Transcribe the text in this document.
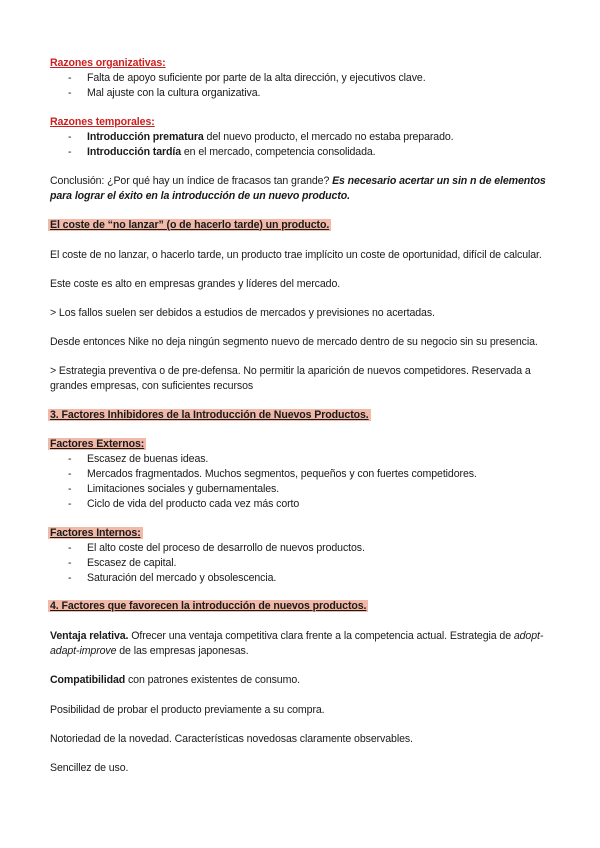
Razones organizativas:
- Falta de apoyo suficiente por parte de la alta dirección, y ejecutivos clave.
- Mal ajuste con la cultura organizativa.
Razones temporales:
- Introducción prematura del nuevo producto, el mercado no estaba preparado.
- Introducción tardía en el mercado, competencia consolidada.

Conclusión: ¿Por qué hay un índice de fracasos tan grande? Es necesario acertar un sin n de elementos para lograr el éxito en la introducción de un nuevo producto.

El coste de “no lanzar” (o de hacerlo tarde) un producto.

El coste de no lanzar, o hacerlo tarde, un producto trae implícito un coste de oportunidad, difícil de calcular.

Este coste es alto en empresas grandes y líderes del mercado.

> Los fallos suelen ser debidos a estudios de mercados y previsiones no acertadas.

Desde entonces Nike no deja ningún segmento nuevo de mercado dentro de su negocio sin su presencia.

> Estrategia preventiva o de pre-defensa. No permitir la aparición de nuevos competidores. Reservada a grandes empresas, con suficientes recursos

3. Factores Inhibidores de la Introducción de Nuevos Productos.
Factores Externos:
- Escasez de buenas ideas.
- Mercados fragmentados. Muchos segmentos, pequeños y con fuertes competidores.
- Limitaciones sociales y gubernamentales.
- Ciclo de vida del producto cada vez más corto
Factores Internos:
- El alto coste del proceso de desarrollo de nuevos productos.
- Escasez de capital.
- Saturación del mercado y obsolescencia.
4. Factores que favorecen la introducción de nuevos productos.

Ventaja relativa. Ofrecer una ventaja competitiva clara frente a la competencia actual. Estrategia de adopt-adapt-improve de las empresas japonesas.

Compatibilidad con patrones existentes de consumo.

Posibilidad de probar el producto previamente a su compra.

Notoriedad de la novedad. Características novedosas claramente observables.

Sencillez de uso.
